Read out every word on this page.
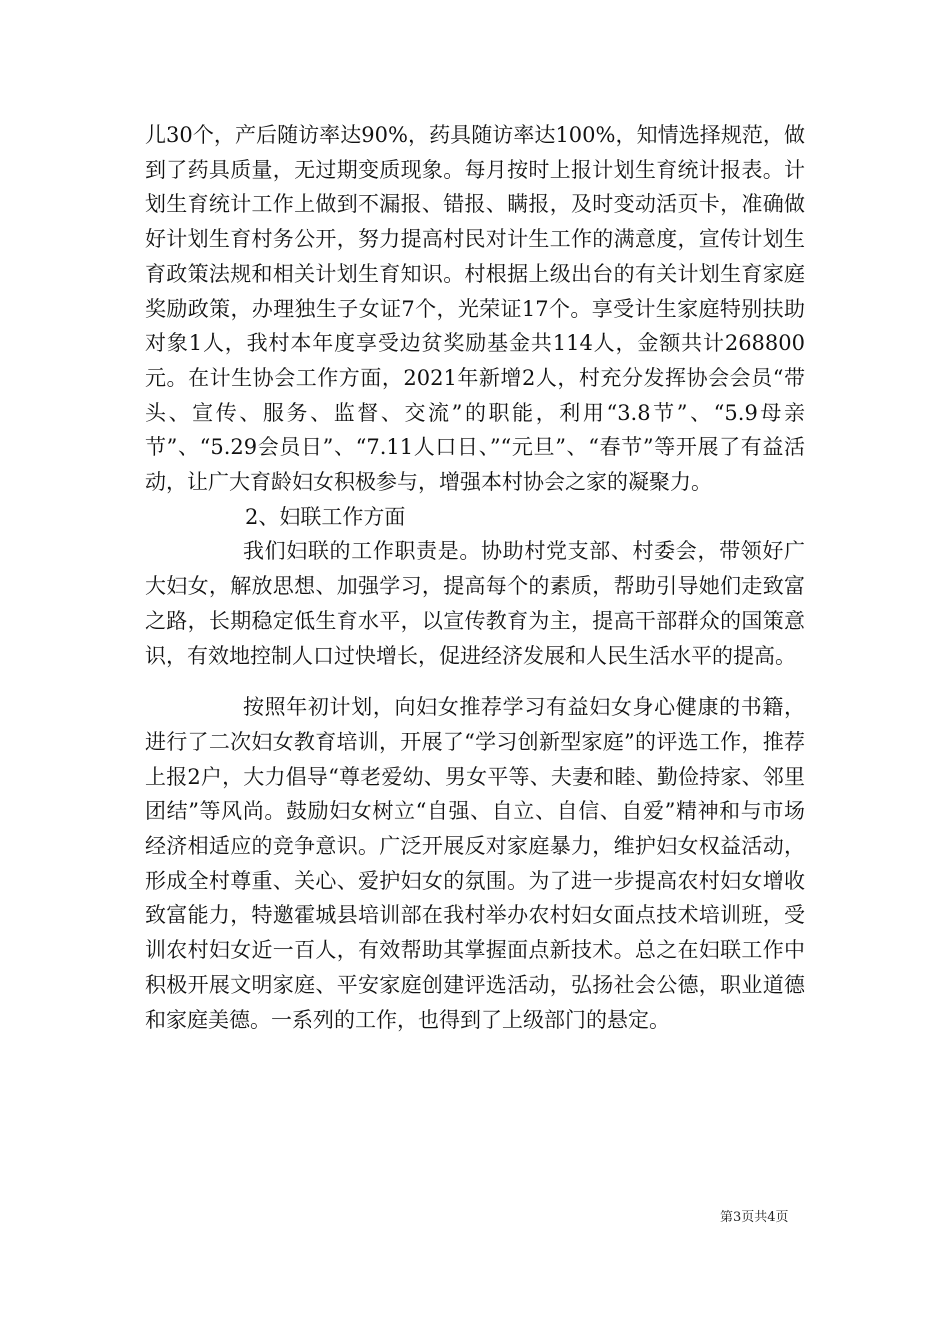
儿30个，产后随访率达90%，药具随访率达100%，知情选择规范，做到了药具质量，无过期变质现象。每月按时上报计划生育统计报表。计划生育统计工作上做到不漏报、错报、瞒报，及时变动活页卡，准确做好计划生育村务公开，努力提高村民对计生工作的满意度，宣传计划生育政策法规和相关计划生育知识。村根据上级出台的有关计划生育家庭奖励政策，办理独生子女证7个，光荣证17个。享受计生家庭特别扶助对象1人，我村本年度享受边贫奖励基金共114人，金额共计268800元。在计生协会工作方面，2021年新增2人，村充分发挥协会会员“带头、宣传、服务、监督、交流”的职能，利用“3.8节”、“5.9母亲节”、“5.29会员日”、“7.11人口日、”“元旦”、“春节”等开展了有益活动，让广大育龄妇女积极参与，增强本村协会之家的凝聚力。

2、妇联工作方面

我们妇联的工作职责是。协助村党支部、村委会，带领好广大妇女，解放思想、加强学习，提高每个的素质，帮助引导她们走致富之路，长期稳定低生育水平，以宣传教育为主，提高干部群众的国策意识，有效地控制人口过快增长，促进经济发展和人民生活水平的提高。

按照年初计划，向妇女推荐学习有益妇女身心健康的书籍，进行了二次妇女教育培训，开展了“学习创新型家庭”的评选工作，推荐上报2户，大力倡导“尊老爱幼、男女平等、夫妻和睦、勤俭持家、邻里团结”等风尚。鼓励妇女树立“自强、自立、自信、自爱”精神和与市场经济相适应的竞争意识。广泛开展反对家庭暴力，维护妇女权益活动，形成全村尊重、关心、爱护妇女的氛围。为了进一步提高农村妇女增收致富能力，特邀霍城县培训部在我村举办农村妇女面点技术培训班，受训农村妇女近一百人，有效帮助其掌握面点新技术。总之在妇联工作中积极开展文明家庭、平安家庭创建评选活动，弘扬社会公德，职业道德和家庭美德。一系列的工作，也得到了上级部门的悬定。

第3页共4页
